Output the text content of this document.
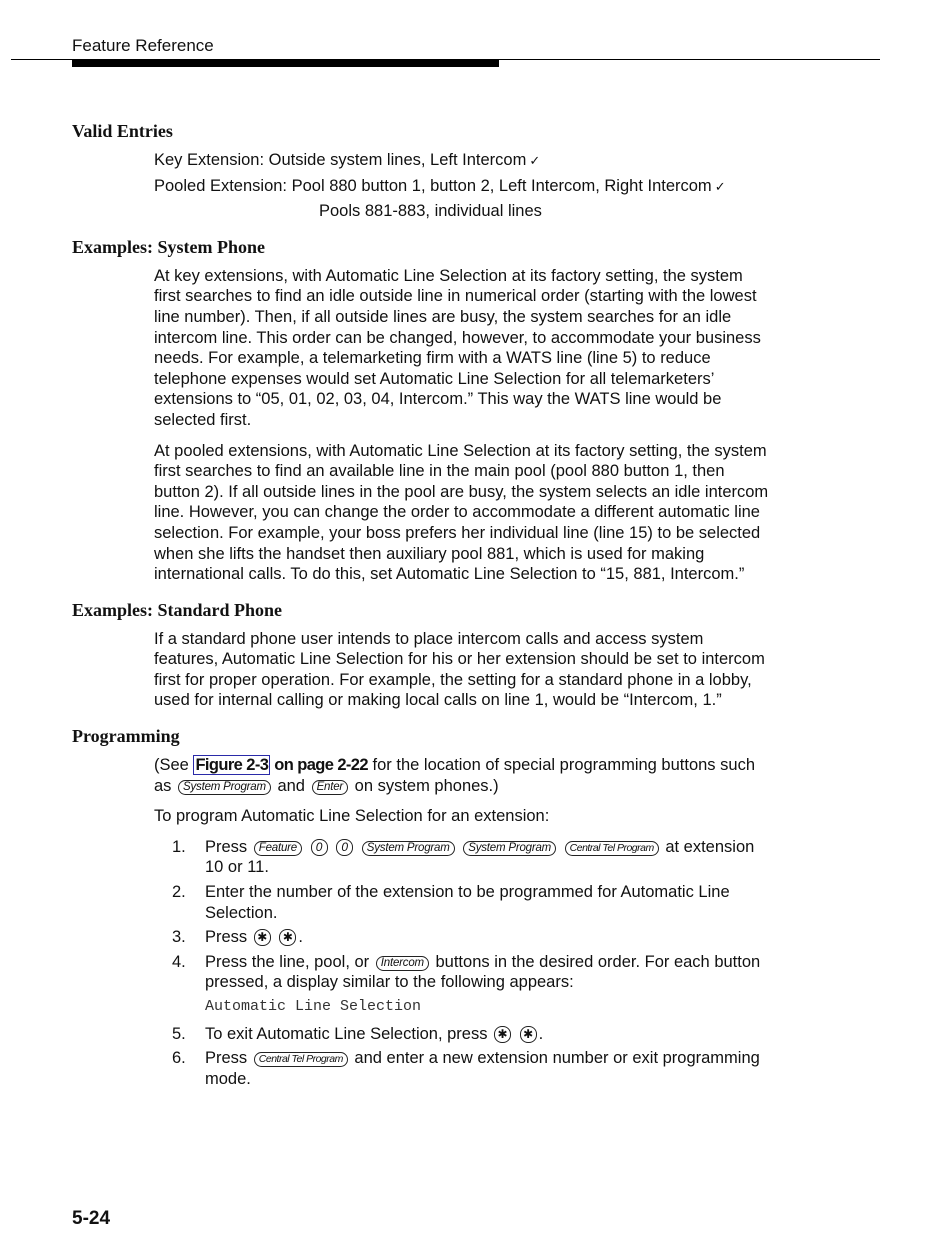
Feature Reference
Valid Entries
Key Extension: Outside system lines, Left Intercom ✓
Pooled Extension: Pool 880 button 1, button 2, Left Intercom, Right Intercom ✓
Pools 881-883, individual lines
Examples: System Phone

At key extensions, with Automatic Line Selection at its factory setting, the system first searches to find an idle outside line in numerical order (starting with the lowest line number). Then, if all outside lines are busy, the system searches for an idle intercom line. This order can be changed, however, to accommodate your business needs. For example, a telemarketing firm with a WATS line (line 5) to reduce telephone expenses would set Automatic Line Selection for all telemarketers’ extensions to “05, 01, 02, 03, 04, Intercom.” This way the WATS line would be selected first.

At pooled extensions, with Automatic Line Selection at its factory setting, the system first searches to find an available line in the main pool (pool 880 button 1, then button 2). If all outside lines in the pool are busy, the system selects an idle intercom line. However, you can change the order to accommodate a different automatic line selection. For example, your boss prefers her individual line (line 15) to be selected when she lifts the handset then auxiliary pool 881, which is used for making international calls. To do this, set Automatic Line Selection to “15, 881, Intercom.”

Examples: Standard Phone

If a standard phone user intends to place intercom calls and access system features, Automatic Line Selection for his or her extension should be set to intercom first for proper operation. For example, the setting for a standard phone in a lobby, used for internal calling or making local calls on line 1, would be “Intercom, 1.”

Programming

(See Figure 2-3 on page 2-22 for the location of special programming buttons such as System Program and Enter on system phones.)

To program Automatic Line Selection for an extension:

1.	Press Feature 0 0 System Program System Program Central Tel Program at extension 10 or 11.
2.	Enter the number of the extension to be programmed for Automatic Line Selection.
3.	Press ✱ ✱ .
4.	Press the line, pool, or Intercom buttons in the desired order. For each button pressed, a display similar to the following appears:
Automatic Line Selection
5.	To exit Automatic Line Selection, press ✱ ✱ .
6.	Press Central Tel Program and enter a new extension number or exit programming mode.
5-24
